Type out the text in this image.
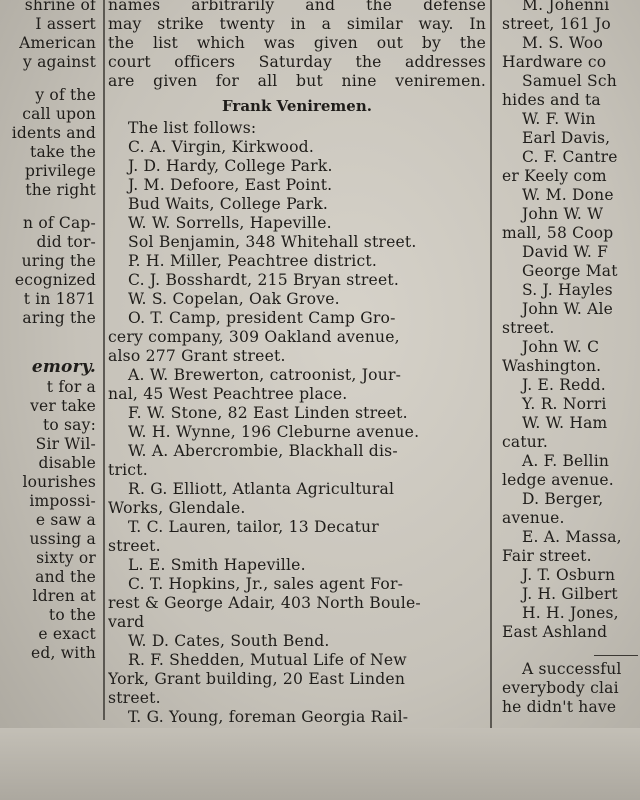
shrine of
I assert
American
y against
y of the
call upon
idents and
take the
privilege
the right
n of Cap-
did tor-
uring the
ecognized
t in 1871
aring the
emory.
t for a
ver take
to say:
Sir Wil-
disable
lourishes
impossi-
e saw a
ussing a
sixty or
and the
ldren at
to the
e exact
ed, with
names arbitrarily and the defense
may strike twenty in a similar way. In
the list which was given out by the
court officers Saturday the addresses
are given for all but nine veniremen.
Frank Veniremen.
The list follows:
C. A. Virgin, Kirkwood.
J. D. Hardy, College Park.
J. M. Defoore, East Point.
Bud Waits, College Park.
W. W. Sorrells, Hapeville.
Sol Benjamin, 348 Whitehall street.
P. H. Miller, Peachtree district.
C. J. Bosshardt, 215 Bryan street.
W. S. Copelan, Oak Grove.
O. T. Camp, president Camp Gro-
cery company, 309 Oakland avenue,
also 277 Grant street.
A. W. Brewerton, catroonist, Jour-
nal, 45 West Peachtree place.
F. W. Stone, 82 East Linden street.
W. H. Wynne, 196 Cleburne avenue.
W. A. Abercrombie, Blackhall dis-
trict.
R. G. Elliott, Atlanta Agricultural
Works, Glendale.
T. C. Lauren, tailor, 13 Decatur
street.
L. E. Smith Hapeville.
C. T. Hopkins, Jr., sales agent For-
rest & George Adair, 403 North Boule-
vard
W. D. Cates, South Bend.
R. F. Shedden, Mutual Life of New
York, Grant building, 20 East Linden
street.
T. G. Young, foreman Georgia Rail-
M. Johenni
street, 161 Jo
M. S. Woo
Hardware co
Samuel Sch
hides and ta
W. F. Win
Earl Davis,
C. F. Cantre
er Keely com
W. M. Done
John W. W
mall, 58 Coop
David W. F
George Mat
S. J. Hayles
John W. Ale
street.
John W. C
Washington.
J. E. Redd.
Y. R. Norri
W. W. Ham
catur.
A. F. Bellin
ledge avenue.
D. Berger,
avenue.
E. A. Massa,
Fair street.
J. T. Osburn
J. H. Gilbert
H. H. Jones,
East Ashland
A successful
everybody clai
he didn't have
